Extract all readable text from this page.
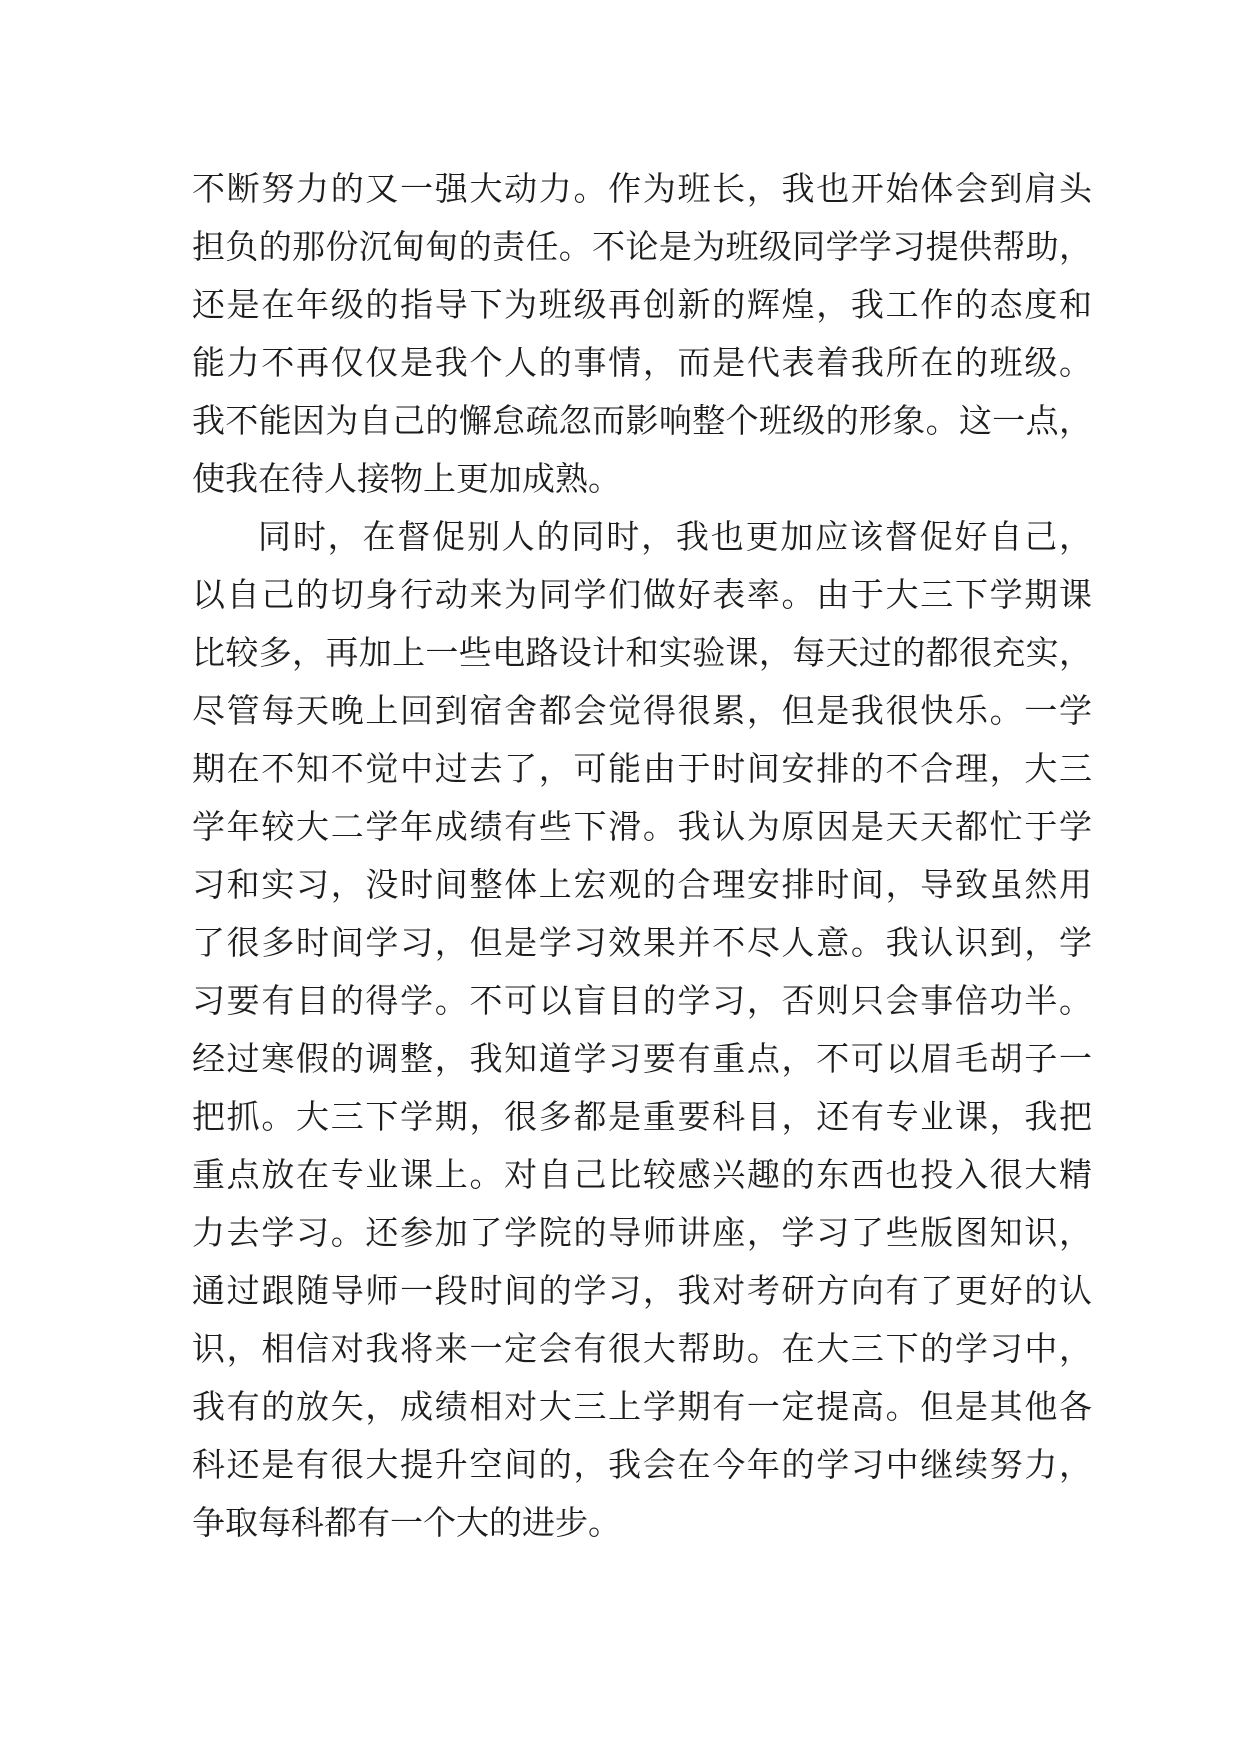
不断努力的又一强大动力。作为班长，我也开始体会到肩头
担负的那份沉甸甸的责任。不论是为班级同学学习提供帮助，
还是在年级的指导下为班级再创新的辉煌，我工作的态度和
能力不再仅仅是我个人的事情，而是代表着我所在的班级。
我不能因为自己的懈怠疏忽而影响整个班级的形象。这一点，
使我在待人接物上更加成熟。
同时，在督促别人的同时，我也更加应该督促好自己，
以自己的切身行动来为同学们做好表率。由于大三下学期课
比较多，再加上一些电路设计和实验课，每天过的都很充实，
尽管每天晚上回到宿舍都会觉得很累，但是我很快乐。一学
期在不知不觉中过去了，可能由于时间安排的不合理，大三
学年较大二学年成绩有些下滑。我认为原因是天天都忙于学
习和实习，没时间整体上宏观的合理安排时间，导致虽然用
了很多时间学习，但是学习效果并不尽人意。我认识到，学
习要有目的得学。不可以盲目的学习，否则只会事倍功半。
经过寒假的调整，我知道学习要有重点，不可以眉毛胡子一
把抓。大三下学期，很多都是重要科目，还有专业课，我把
重点放在专业课上。对自己比较感兴趣的东西也投入很大精
力去学习。还参加了学院的导师讲座，学习了些版图知识，
通过跟随导师一段时间的学习，我对考研方向有了更好的认
识，相信对我将来一定会有很大帮助。在大三下的学习中，
我有的放矢，成绩相对大三上学期有一定提高。但是其他各
科还是有很大提升空间的，我会在今年的学习中继续努力，
争取每科都有一个大的进步。
